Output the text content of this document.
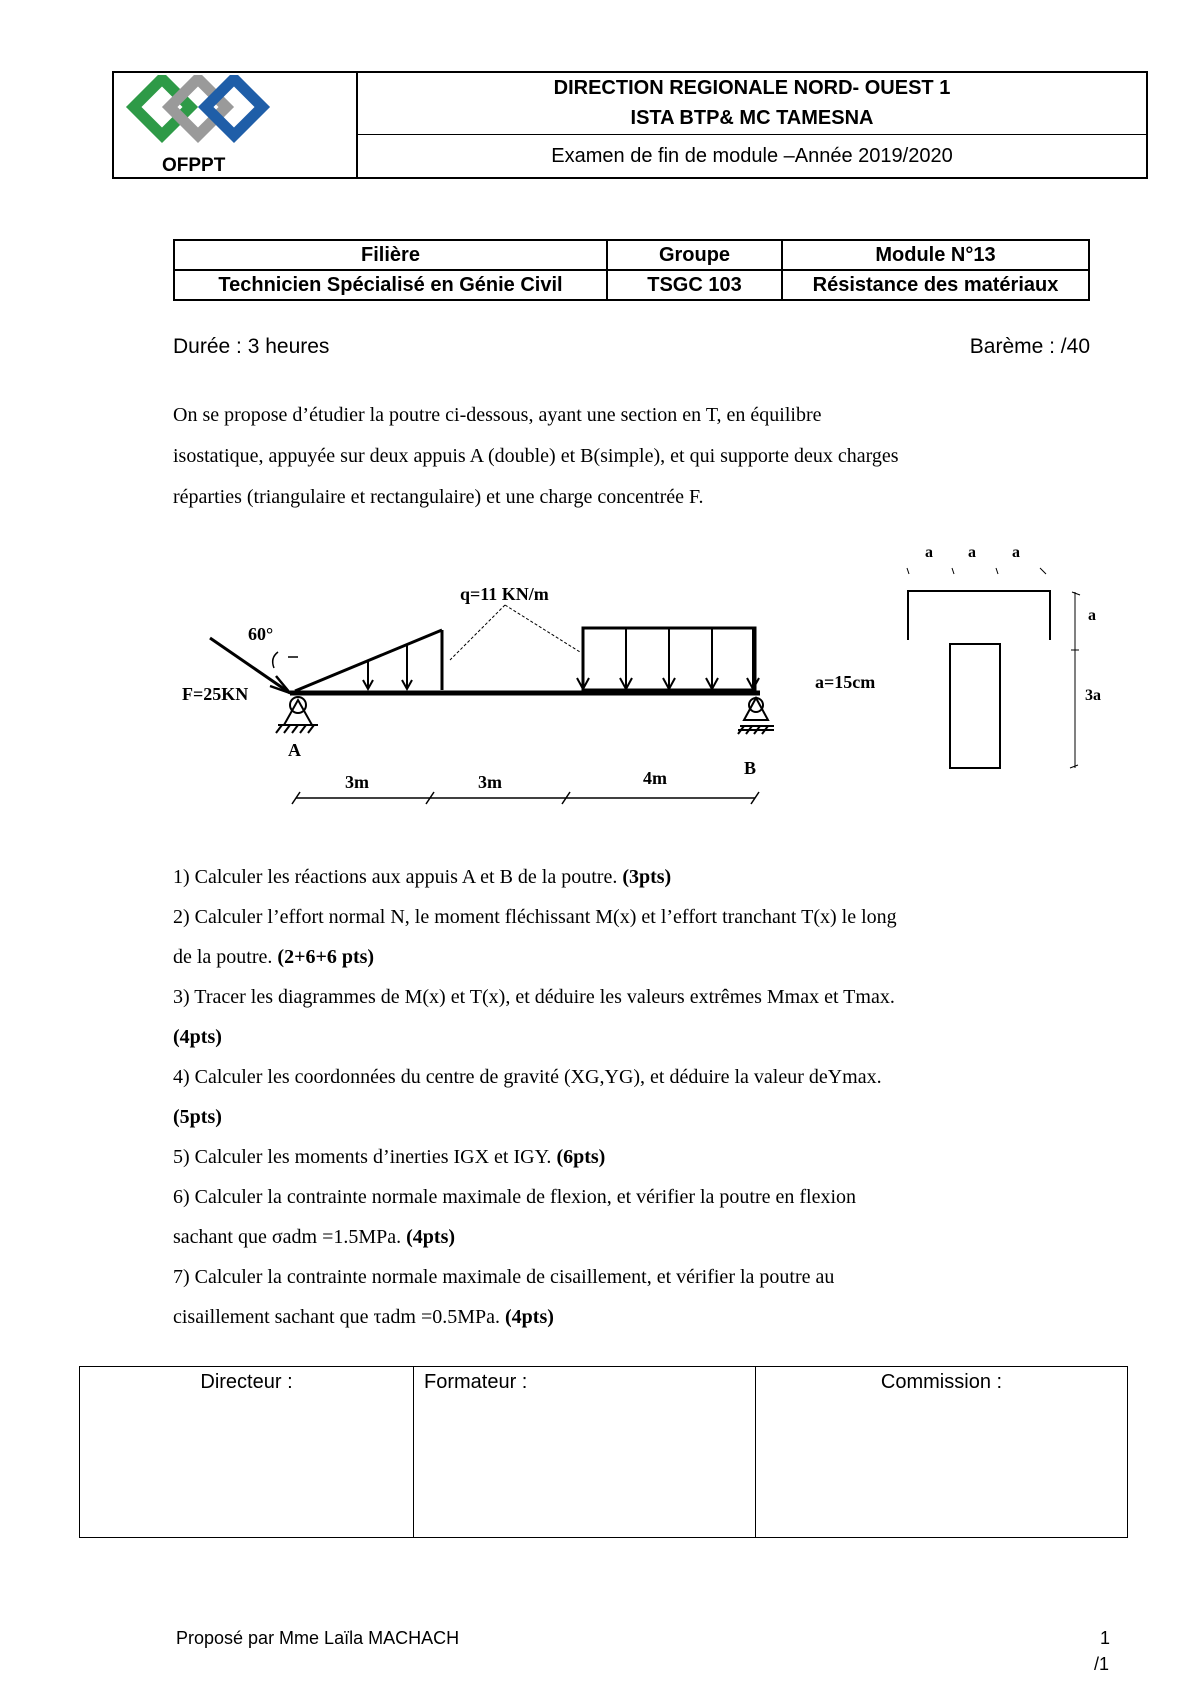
OFPPT
DIRECTION REGIONALE NORD- OUEST 1
ISTA BTP& MC TAMESNA
Examen de fin de module –Année 2019/2020
Filière	Groupe	Module N°13
Technicien Spécialisé en Génie Civil	TSGC 103	Résistance des matériaux
Durée : 3 heures	Barème : /40
On se propose d’étudier la poutre ci-dessous, ayant une section en T, en équilibre
isostatique, appuyée sur deux appuis A (double) et B(simple), et qui supporte deux charges
réparties (triangulaire et rectangulaire) et une charge concentrée F.
q=11 KN/m
60°
F=25KN
A
B
3m	3m	4m
a a a
a
3a
a=15cm
1) Calculer les réactions aux appuis A et B de la poutre. (3pts)
2) Calculer l’effort normal N, le moment fléchissant M(x) et l’effort tranchant T(x) le long
de la poutre. (2+6+6 pts)
3) Tracer les diagrammes de M(x) et T(x), et déduire les valeurs extrêmes Mmax et Tmax.
(4pts)
4) Calculer les coordonnées du centre de gravité (XG,YG), et déduire la valeur deYmax.
(5pts)
5) Calculer les moments d’inerties IGX et IGY. (6pts)
6) Calculer la contrainte normale maximale de flexion, et vérifier la poutre en flexion
sachant que σadm =1.5MPa. (4pts)
7) Calculer la contrainte normale maximale de cisaillement, et vérifier la poutre au
cisaillement sachant que τadm =0.5MPa. (4pts)
Directeur :	Formateur :	Commission :
Proposé par Mme Laïla MACHACH	1
/1
